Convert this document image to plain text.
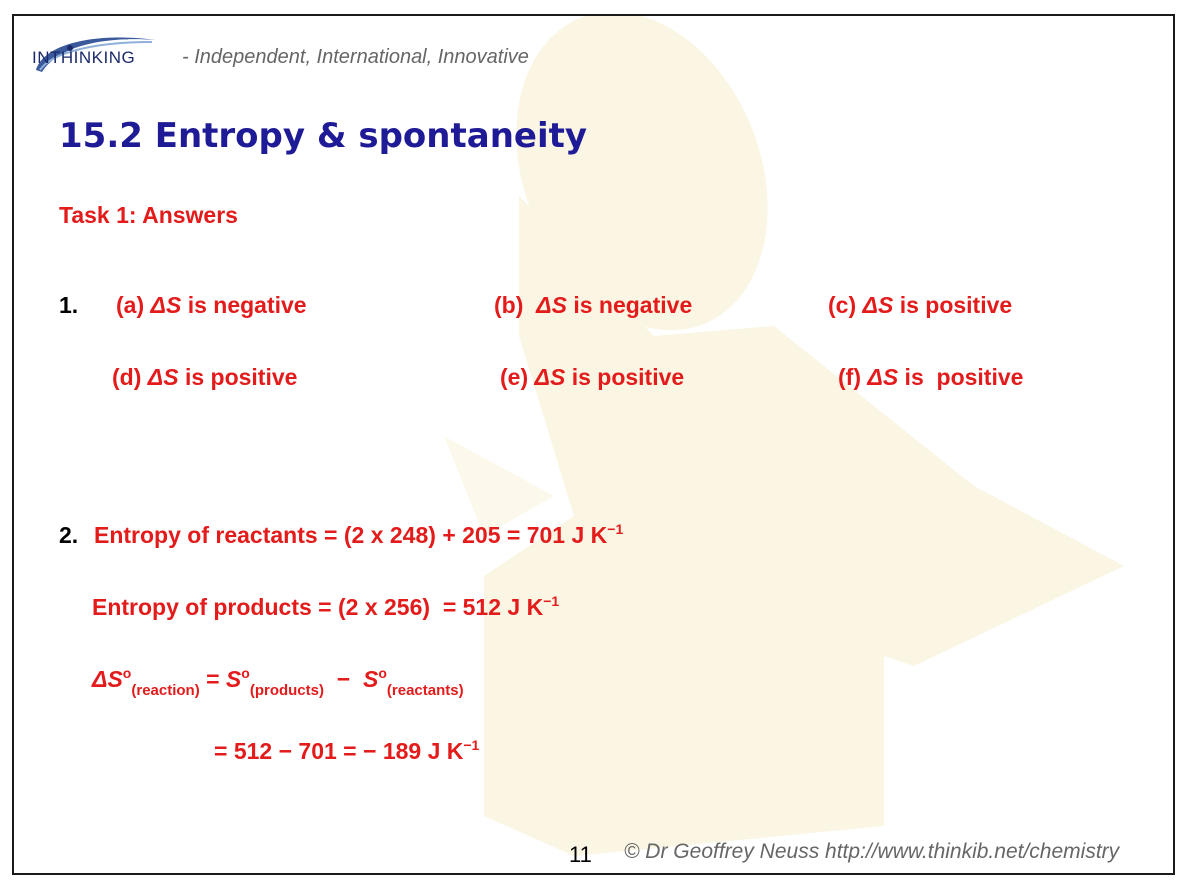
INTHINKING - Independent, International, Innovative
15.2 Entropy & spontaneity
Task 1: Answers
1. (a) ΔS is negative	(b)  ΔS is negative	(c) ΔS is positive
(d) ΔS is positive	(e) ΔS is positive	(f) ΔS is  positive
2. Entropy of reactants = (2 x 248) + 205 = 701 J $K^{-1}$
Entropy of products = (2 x 256)  = 512 J $K^{-1}$
$\Delta S^o_{(reaction)} = S^o_{(products)} - S^o_{(reactants)}$
= 512 − 701 = − 189 J $K^{-1}$
11 © Dr Geoffrey Neuss http://www.thinkib.net/chemistry
